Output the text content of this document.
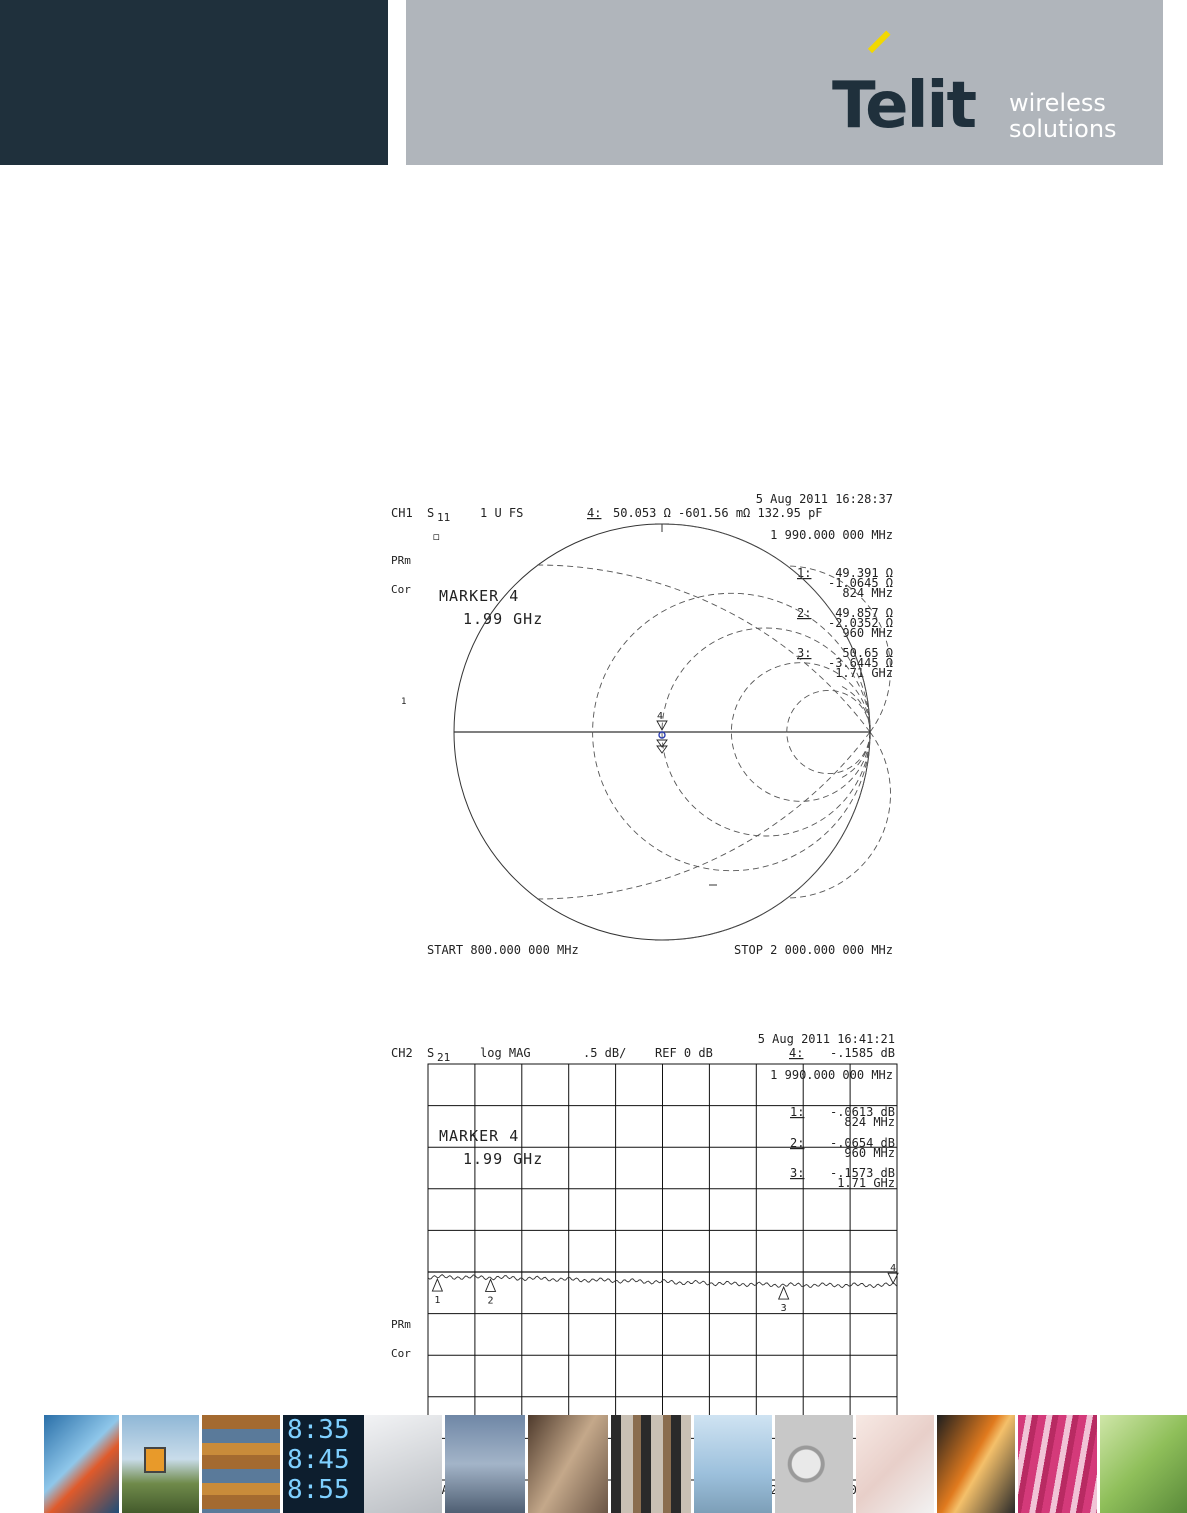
Telit wireless
solutions
5 Aug 2011 16:28:37
CH1 S 11 1 U FS	4: 50.053 Ω -601.56 mΩ 132.95 pF
1 990.000 000 MHz
◻
PRm
Cor MARKER 4
1.99 GHz
1
1: 49.391 Ω
-1.0645 Ω
824 MHz
2: 49.857 Ω
-2.0352 Ω
960 MHz
3:	50.65 Ω
-3.6445 Ω
1.71 GHz
4
START 800.000 000 MHz	STOP 2 000.000 000 MHz
5 Aug 2011 16:41:21
CH2 S 21 log MAG	.5 dB/ REF 0 dB	4: -.1585 dB
1 990.000 000 MHz
MARKER 4
1.99 GHz
1: -.0613 dB
824 MHz
2: -.0654 dB
960 MHz
3: -.1573 dB
1.71 GHz
1	2
3
4
PRm
Cor
2 000
8:35
8:45
8:55
